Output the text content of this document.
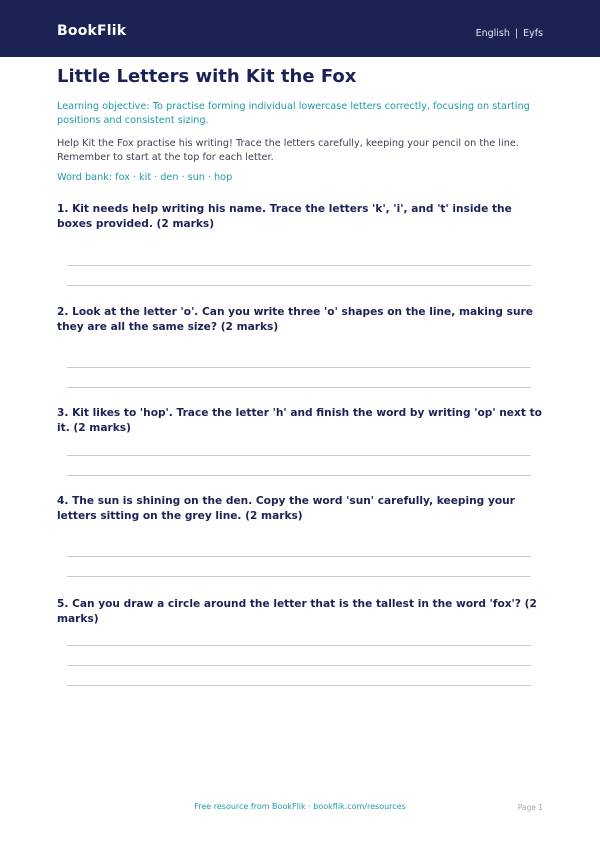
BookFlik	English | Eyfs
Little Letters with Kit the Fox

Learning objective: To practise forming individual lowercase letters correctly, focusing on starting positions and consistent sizing.

Help Kit the Fox practise his writing! Trace the letters carefully, keeping your pencil on the line. Remember to start at the top for each letter.

Word bank: fox · kit · den · sun · hop

1. Kit needs help writing his name. Trace the letters 'k', 'i', and 't' inside the boxes provided. (2 marks)

2. Look at the letter 'o'. Can you write three 'o' shapes on the line, making sure they are all the same size? (2 marks)

3. Kit likes to 'hop'. Trace the letter 'h' and finish the word by writing 'op' next to it. (2 marks)

4. The sun is shining on the den. Copy the word 'sun' carefully, keeping your letters sitting on the grey line. (2 marks)

5. Can you draw a circle around the letter that is the tallest in the word 'fox'? (2 marks)

Free resource from BookFlik · bookflik.com/resources	Page 1
